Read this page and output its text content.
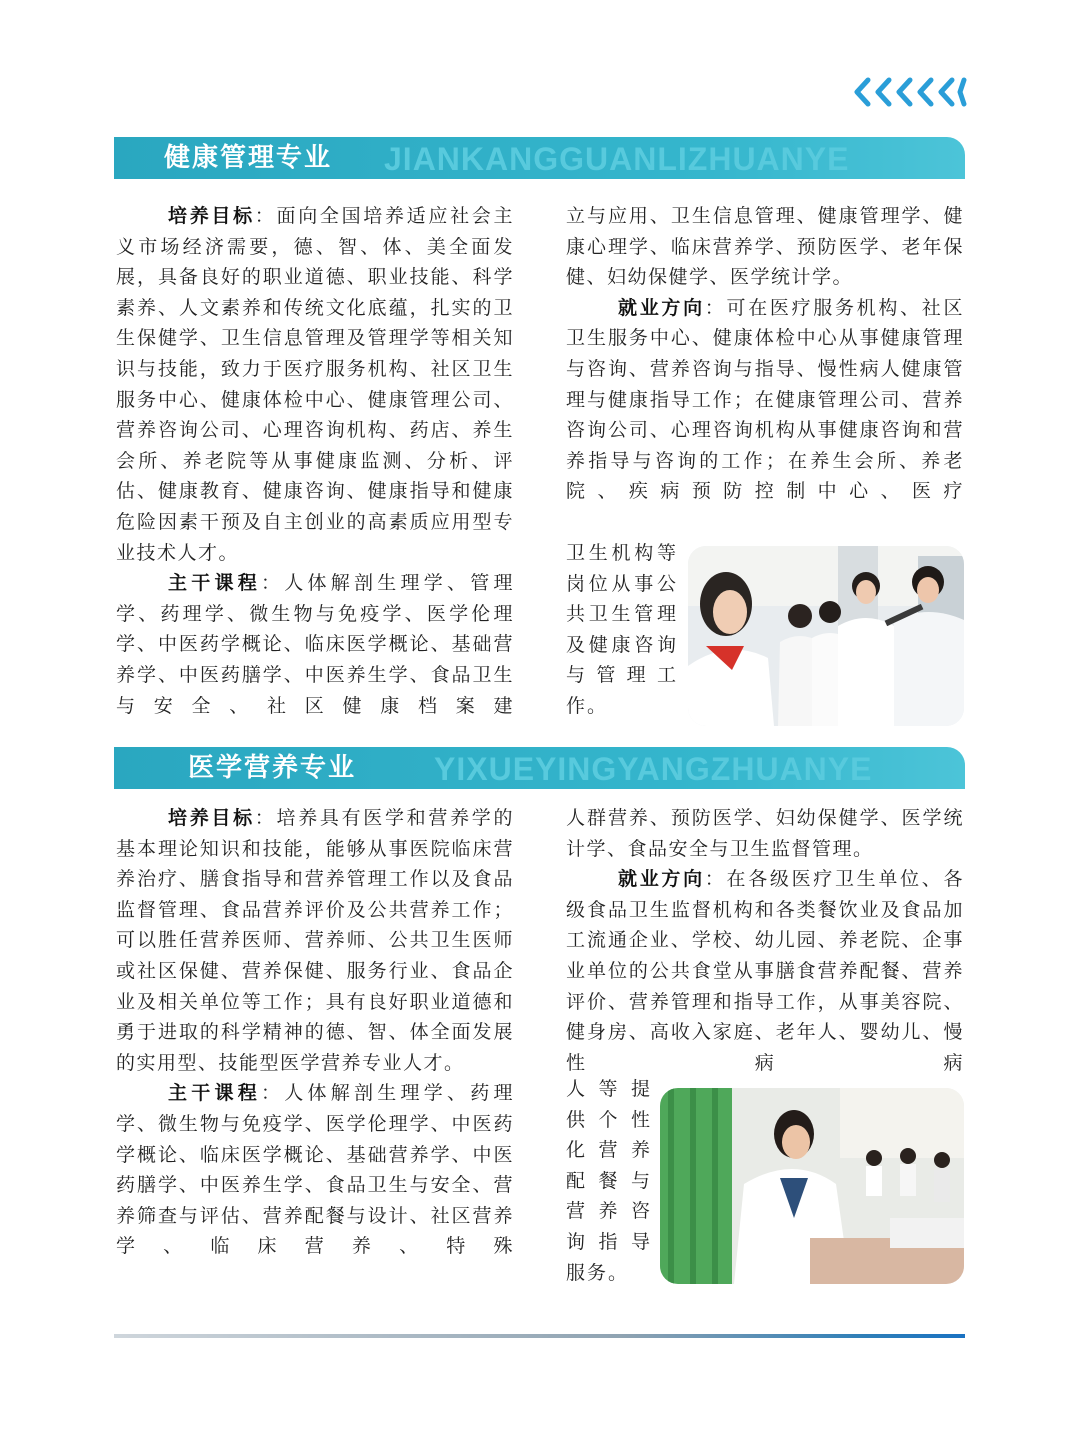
JIANKANGGUANLIZHUANYE
健康管理专业

培养目标：面向全国培养适应社会主义市场经济需要，德、智、体、美全面发展，具备良好的职业道德、职业技能、科学素养、人文素养和传统文化底蕴，扎实的卫生保健学、卫生信息管理及管理学等相关知识与技能，致力于医疗服务机构、社区卫生服务中心、健康体检中心、健康管理公司、营养咨询公司、心理咨询机构、药店、养生会所、养老院等从事健康监测、分析、评估、健康教育、健康咨询、健康指导和健康危险因素干预及自主创业的高素质应用型专业技术人才。

主干课程：人体解剖生理学、管理学、药理学、微生物与免疫学、医学伦理学、中医药学概论、临床医学概论、基础营养学、中医药膳学、中医养生学、食品卫生与安全、社区健康档案建

立与应用、卫生信息管理、健康管理学、健康心理学、临床营养学、预防医学、老年保健、妇幼保健学、医学统计学。

就业方向：可在医疗服务机构、社区卫生服务中心、健康体检中心从事健康管理与咨询、营养咨询与指导、慢性病人健康管理与健康指导工作；在健康管理公司、营养咨询公司、心理咨询机构从事健康咨询和营养指导与咨询的工作；在养生会所、养老院、疾病预防控制中心、医疗

卫生机构等
岗位从事公
共卫生管理
及健康咨询
与 管 理 工
作。
YIXUEYINGYANGZHUANYE
医学营养专业

培养目标：培养具有医学和营养学的基本理论知识和技能，能够从事医院临床营养治疗、膳食指导和营养管理工作以及食品监督管理、食品营养评价及公共营养工作；可以胜任营养医师、营养师、公共卫生医师或社区保健、营养保健、服务行业、食品企业及相关单位等工作；具有良好职业道德和勇于进取的科学精神的德、智、体全面发展的实用型、技能型医学营养专业人才。

主干课程：人体解剖生理学、药理学、微生物与免疫学、医学伦理学、中医药学概论、临床医学概论、基础营养学、中医药膳学、中医养生学、食品卫生与安全、营养筛查与评估、营养配餐与设计、社区营养学、临床营养、特殊

人群营养、预防医学、妇幼保健学、医学统计学、食品安全与卫生监督管理。

就业方向：在各级医疗卫生单位、各级食品卫生监督机构和各类餐饮业及食品加工流通企业、学校、幼儿园、养老院、企事业单位的公共食堂从事膳食营养配餐、营养评价、营养管理和指导工作，从事美容院、健身房、高收入家庭、老年人、婴幼儿、慢性病病

人 等 提
供 个 性
化 营 养
配 餐 与
营 养 咨
询 指 导
服务。
